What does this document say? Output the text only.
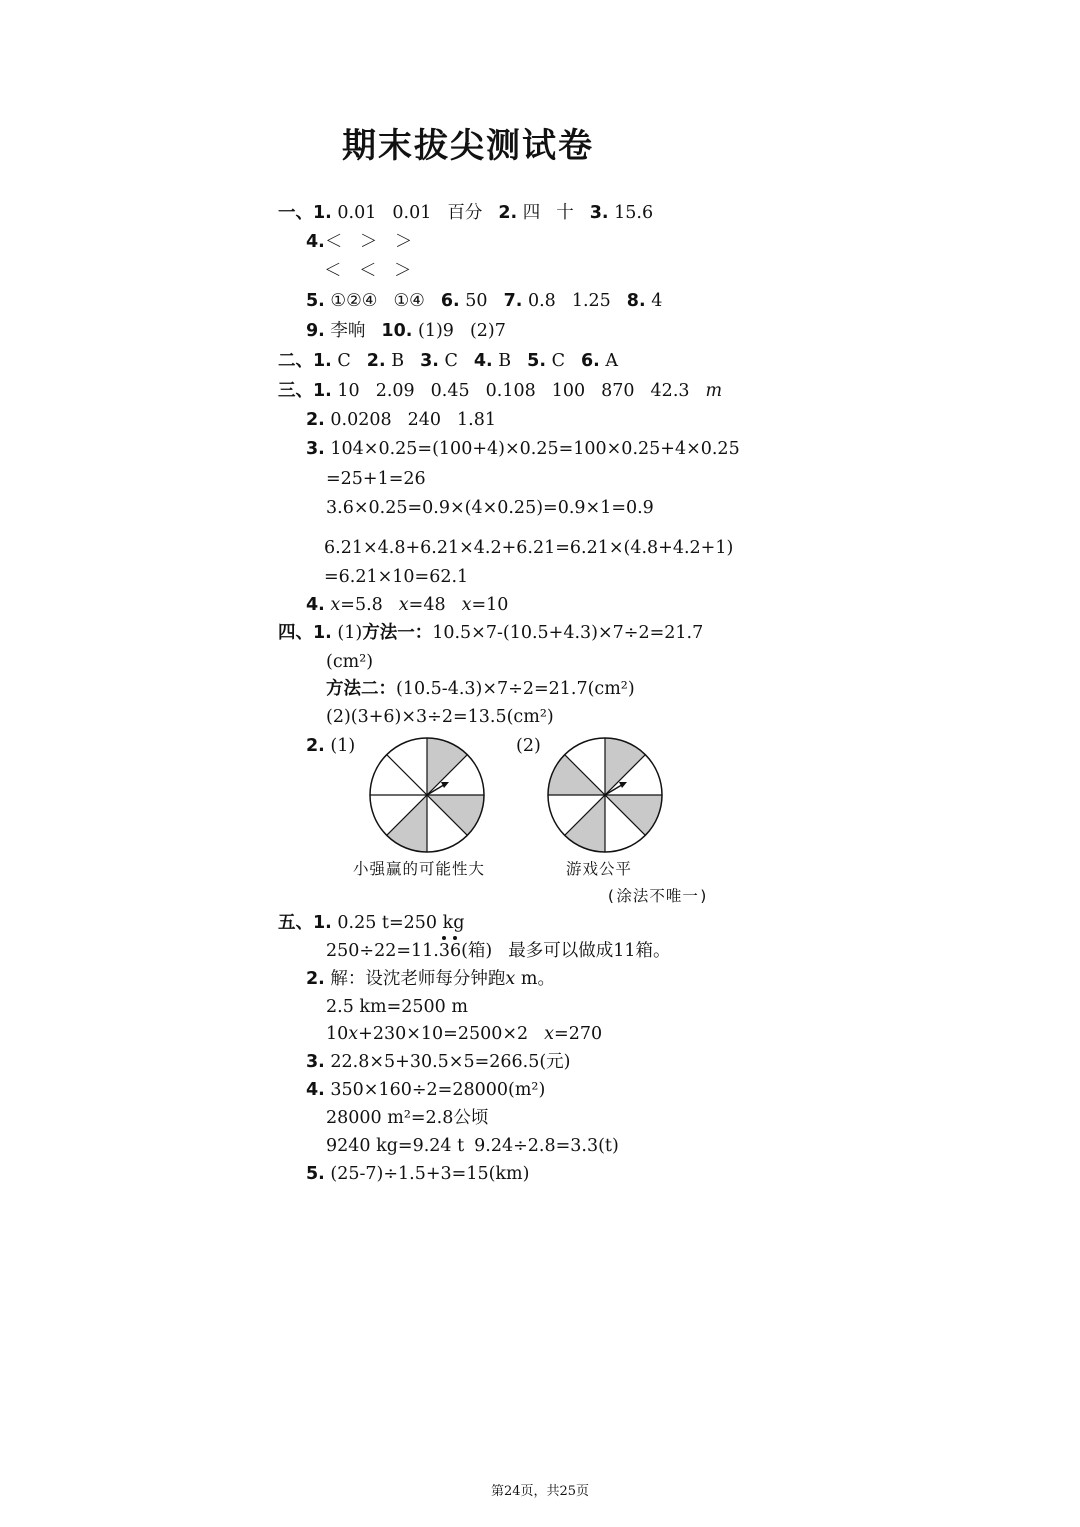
期末拔尖测试卷
一、1. 0.01 0.01 百分 2. 四 十 3. 15.6
4.＜　＞　＞
＜　＜　＞
5. ①②④ ①④ 6. 50 7. 0.8 1.25 8. 4
9. 李响 10. (1)9 (2)7
二、1. C 2. B 3. C 4. B 5. C 6. A
三、1. 10 2.09 0.45 0.108 100 870 42.3 m
2. 0.0208 240 1.81
3. 104×0.25=(100+4)×0.25=100×0.25+4×0.25
=25+1=26
3.6×0.25=0.9×(4×0.25)=0.9×1=0.9
6.21×4.8+6.21×4.2+6.21=6.21×(4.8+4.2+1)
=6.21×10=62.1
4. x=5.8 x=48 x=10
四、1. (1)方法一：10.5×7-(10.5+4.3)×7÷2=21.7
(cm²)
方法二：(10.5-4.3)×7÷2=21.7(cm²)
(2)(3+6)×3÷2=13.5(cm²)
2. (1)	(2)
小强赢的可能性大	游戏公平
(涂法不唯一)
五、1. 0.25 t=250 kg
250÷22=11.
36(箱) 最多可以做成11箱。
2. 解：设沈老师每分钟跑x m。
2.5 km=2500 m
10x+230×10=2500×2 x=270
3. 22.8×5+30.5×5=266.5(元)
4. 350×160÷2=28000(m²)
28000 m²=2.8公顷
9240 kg=9.24 t 9.24÷2.8=3.3(t)
5. (25-7)÷1.5+3=15(km)
第24页，共25页
